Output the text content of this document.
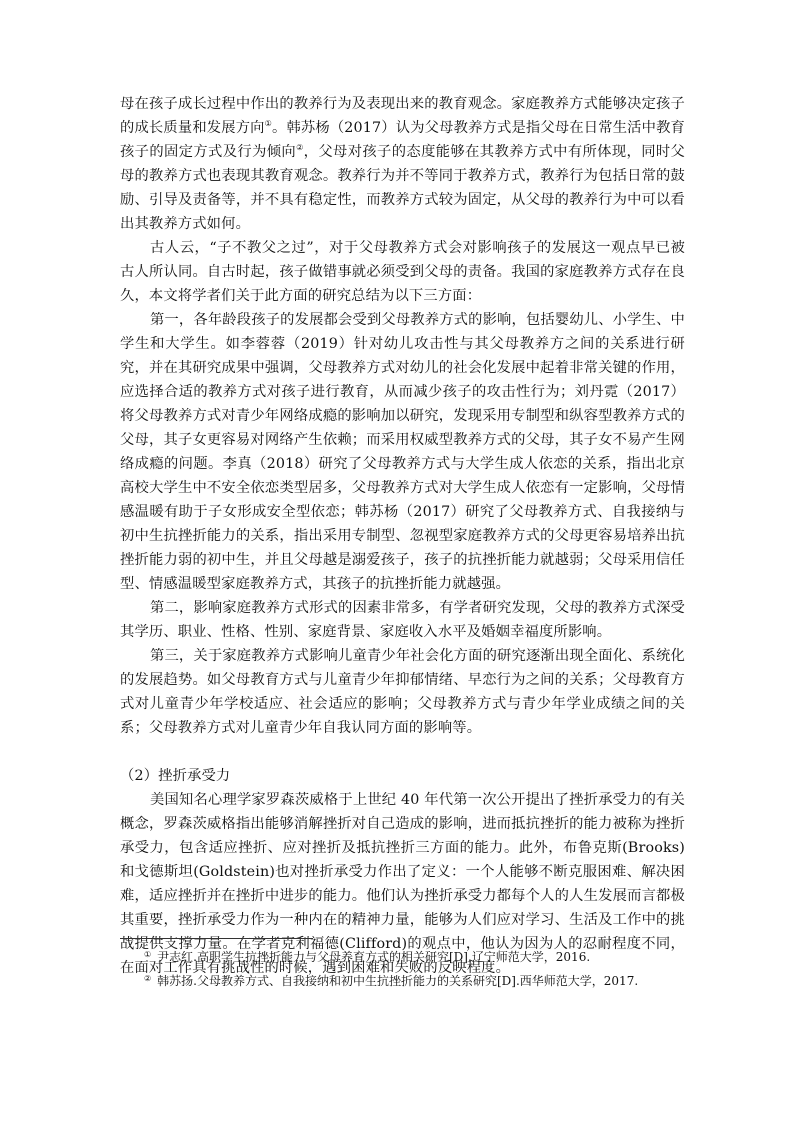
母在孩子成长过程中作出的教养行为及表现出来的教育观念。家庭教养方式能够决定孩子的成长质量和发展方向①。韩苏杨（2017）认为父母教养方式是指父母在日常生活中教育孩子的固定方式及行为倾向②，父母对孩子的态度能够在其教养方式中有所体现，同时父母的教养方式也表现其教育观念。教养行为并不等同于教养方式，教养行为包括日常的鼓励、引导及责备等，并不具有稳定性，而教养方式较为固定，从父母的教养行为中可以看出其教养方式如何。

古人云，“子不教父之过”，对于父母教养方式会对影响孩子的发展这一观点早已被古人所认同。自古时起，孩子做错事就必须受到父母的责备。我国的家庭教养方式存在良久，本文将学者们关于此方面的研究总结为以下三方面：

第一，各年龄段孩子的发展都会受到父母教养方式的影响，包括婴幼儿、小学生、中学生和大学生。如李蓉蓉（2019）针对幼儿攻击性与其父母教养方之间的关系进行研究，并在其研究成果中强调，父母教养方式对幼儿的社会化发展中起着非常关键的作用，应选择合适的教养方式对孩子进行教育，从而减少孩子的攻击性行为；刘丹霓（2017）将父母教养方式对青少年网络成瘾的影响加以研究，发现采用专制型和纵容型教养方式的父母，其子女更容易对网络产生依赖；而采用权威型教养方式的父母，其子女不易产生网络成瘾的问题。李真（2018）研究了父母教养方式与大学生成人依恋的关系，指出北京高校大学生中不安全依恋类型居多，父母教养方式对大学生成人依恋有一定影响，父母情感温暖有助于子女形成安全型依恋；韩苏杨（2017）研究了父母教养方式、自我接纳与初中生抗挫折能力的关系，指出采用专制型、忽视型家庭教养方式的父母更容易培养出抗挫折能力弱的初中生，并且父母越是溺爱孩子，孩子的抗挫折能力就越弱；父母采用信任型、情感温暖型家庭教养方式，其孩子的抗挫折能力就越强。

第二，影响家庭教养方式形式的因素非常多，有学者研究发现，父母的教养方式深受其学历、职业、性格、性别、家庭背景、家庭收入水平及婚姻幸福度所影响。

第三，关于家庭教养方式影响儿童青少年社会化方面的研究逐渐出现全面化、系统化的发展趋势。如父母教育方式与儿童青少年抑郁情绪、早恋行为之间的关系；父母教育方式对儿童青少年学校适应、社会适应的影响；父母教养方式与青少年学业成绩之间的关系；父母教养方式对儿童青少年自我认同方面的影响等。

（2）挫折承受力

美国知名心理学家罗森茨威格于上世纪 40 年代第一次公开提出了挫折承受力的有关概念，罗森茨威格指出能够消解挫折对自己造成的影响，进而抵抗挫折的能力被称为挫折承受力，包含适应挫折、应对挫折及抵抗挫折三方面的能力。此外，布鲁克斯(Brooks)和戈德斯坦(Goldstein)也对挫折承受力作出了定义：一个人能够不断克服困难、解决困难，适应挫折并在挫折中进步的能力。他们认为挫折承受力都每个人的人生发展而言都极其重要，挫折承受力作为一种内在的精神力量，能够为人们应对学习、生活及工作中的挑战提供支撑力量。在学者克利福德(Clifford)的观点中，他认为因为人的忍耐程度不同，在面对工作具有挑战性的时候，遇到困难和失败的反映程度。

① 尹志红.高职学生抗挫折能力与父母养育方式的相关研究[D].辽宁师范大学，2016.
② 韩苏扬.父母教养方式、自我接纳和初中生抗挫折能力的关系研究[D].西华师范大学，2017.
